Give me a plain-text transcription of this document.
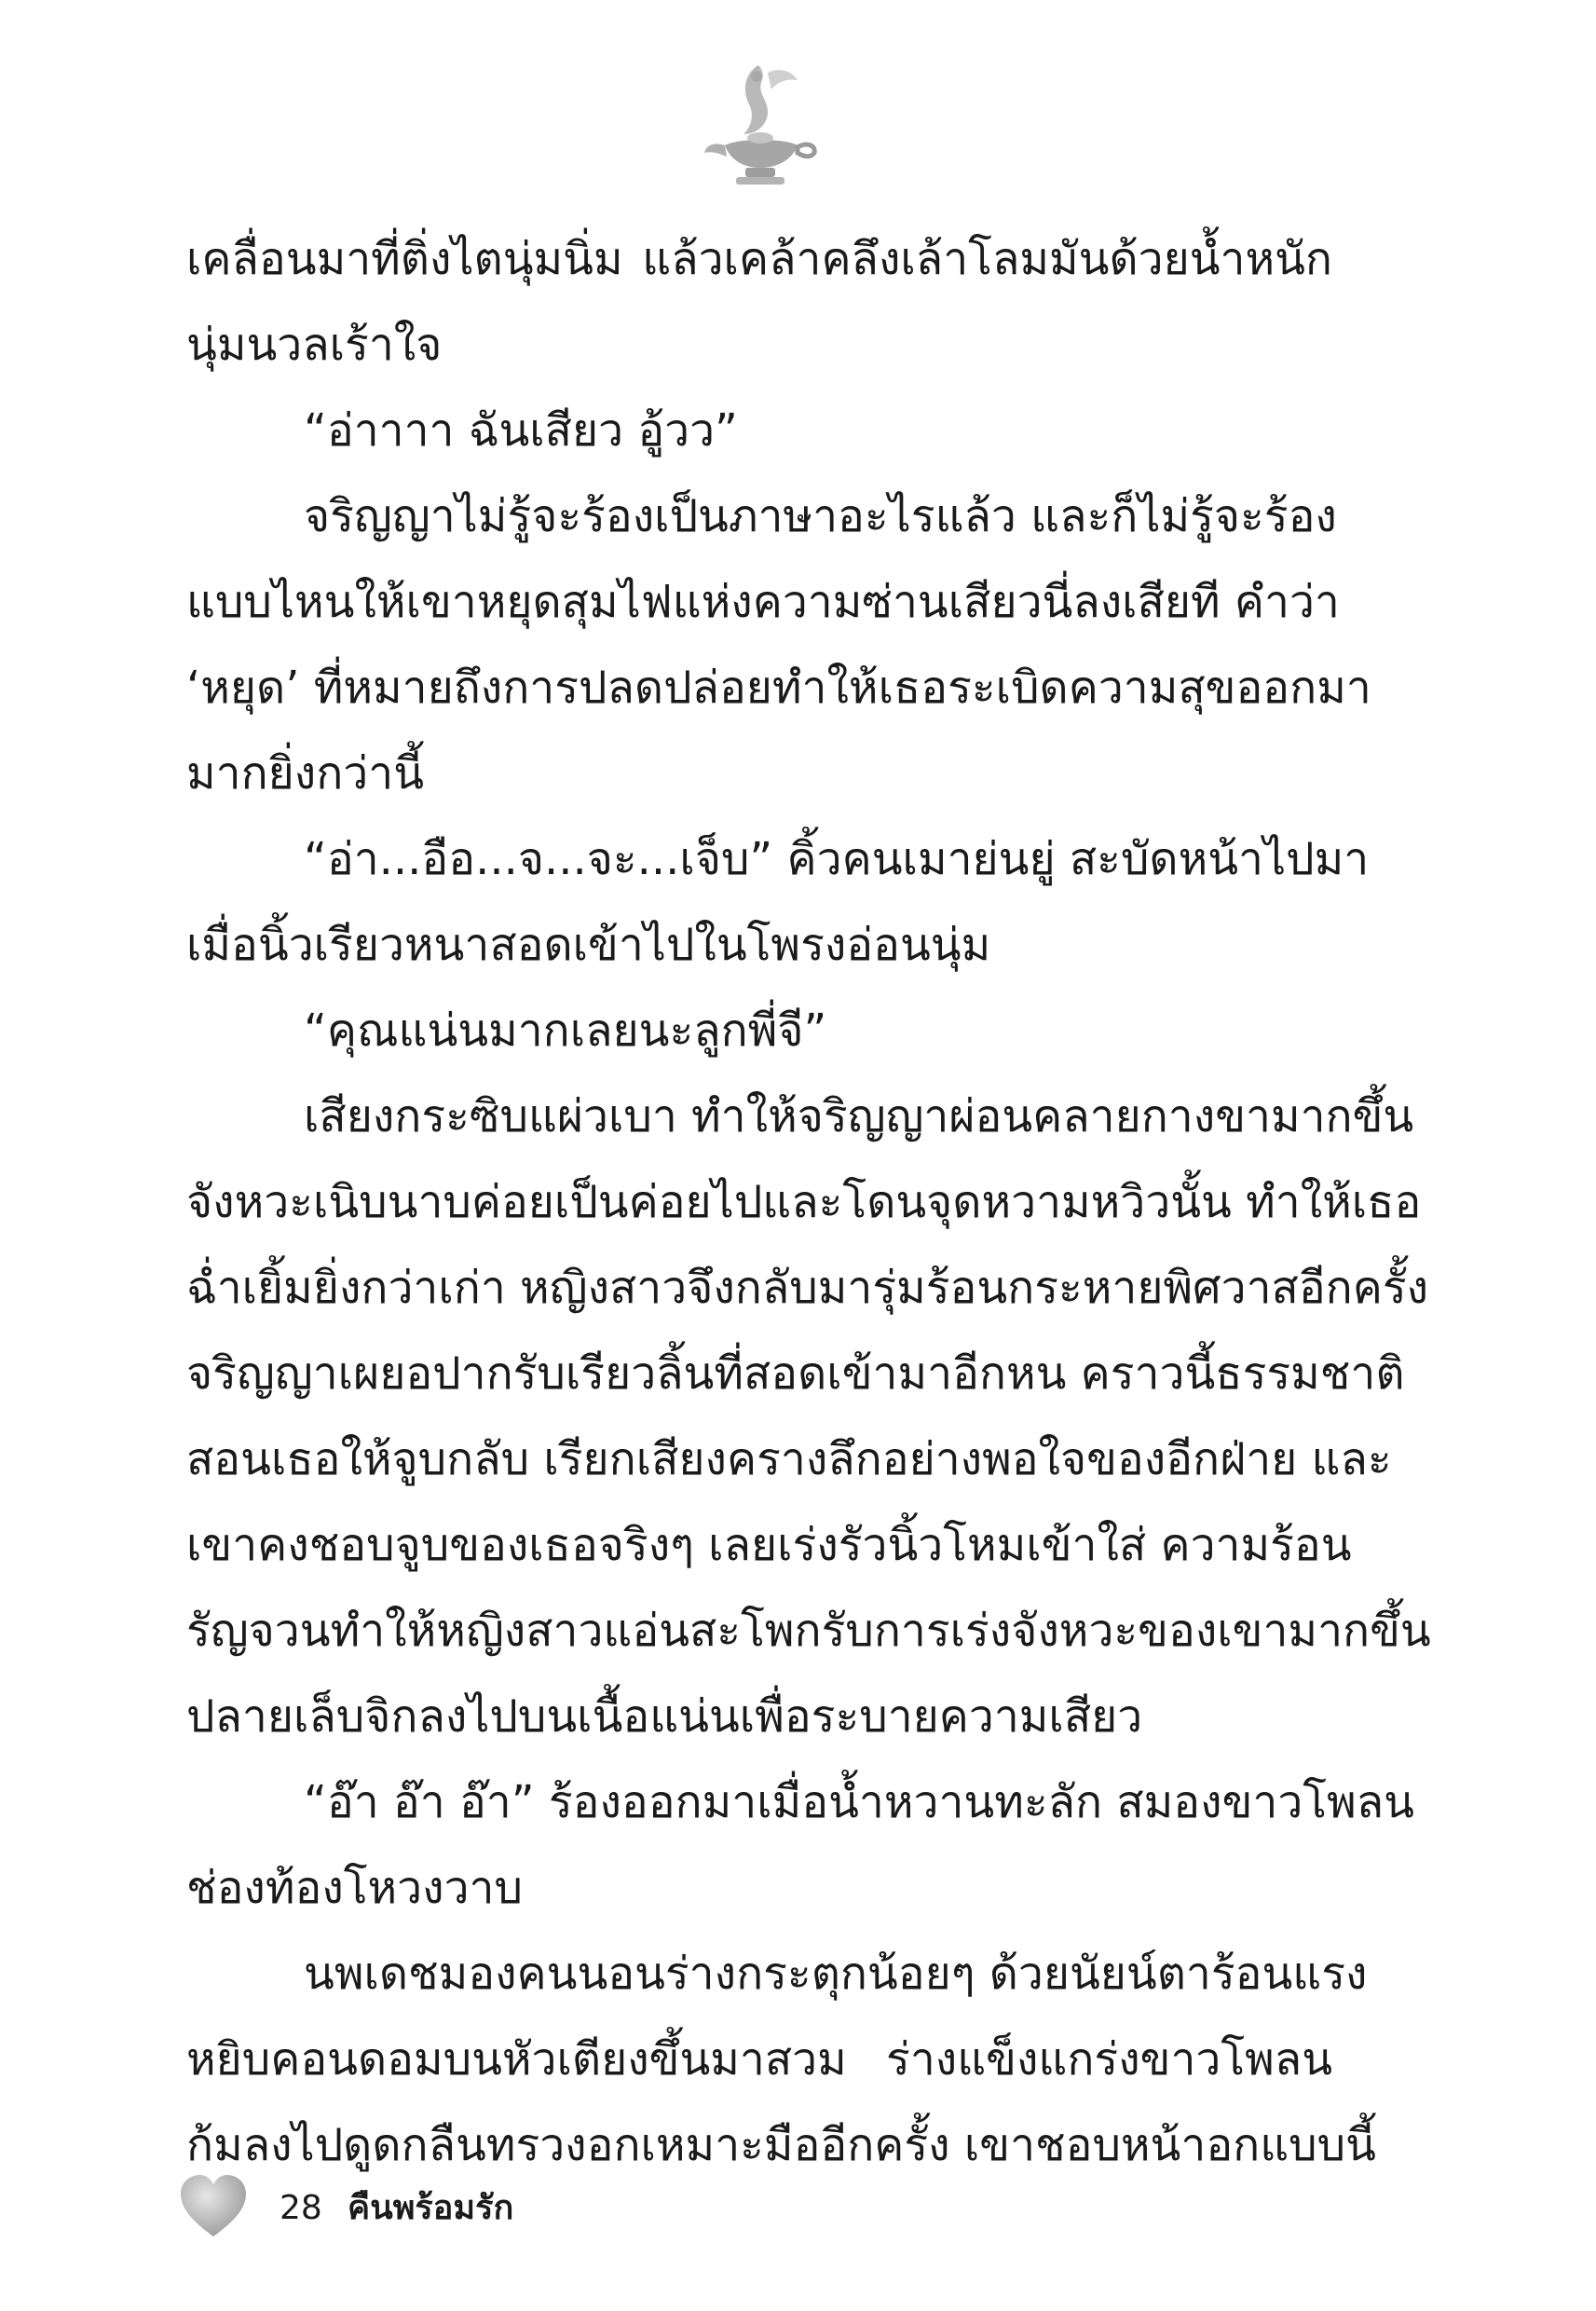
เคลื่อนมาที่ติ่งไตนุ่มนิ่ม แล้วเคล้าคลึงเล้าโลมมันด้วยน้ำหนัก
นุ่มนวลเร้าใจ
“อ่าาาา ฉันเสียว อู้วว”
จริญญาไม่รู้จะร้องเป็นภาษาอะไรแล้ว และก็ไม่รู้จะร้อง
แบบไหนให้เขาหยุดสุมไฟแห่งความซ่านเสียวนี่ลงเสียที คำว่า
‘หยุด’ ที่หมายถึงการปลดปล่อยทำให้เธอระเบิดความสุขออกมา
มากยิ่งกว่านี้
“อ่า...อือ...จ...จะ...เจ็บ” คิ้วคนเมาย่นยู่ สะบัดหน้าไปมา
เมื่อนิ้วเรียวหนาสอดเข้าไปในโพรงอ่อนนุ่ม
“คุณแน่นมากเลยนะลูกพี่จี”
เสียงกระซิบแผ่วเบา ทำให้จริญญาผ่อนคลายกางขามากขึ้น
จังหวะเนิบนาบค่อยเป็นค่อยไปและโดนจุดหวามหวิวนั้น ทำให้เธอ
ฉ่ำเยิ้มยิ่งกว่าเก่า หญิงสาวจึงกลับมารุ่มร้อนกระหายพิศวาสอีกครั้ง
จริญญาเผยอปากรับเรียวลิ้นที่สอดเข้ามาอีกหน คราวนี้ธรรมชาติ
สอนเธอให้จูบกลับ เรียกเสียงครางลึกอย่างพอใจของอีกฝ่าย และ
เขาคงชอบจูบของเธอจริงๆ เลยเร่งรัวนิ้วโหมเข้าใส่ ความร้อน
รัญจวนทำให้หญิงสาวแอ่นสะโพกรับการเร่งจังหวะของเขามากขึ้น
ปลายเล็บจิกลงไปบนเนื้อแน่นเพื่อระบายความเสียว
“อ๊า อ๊า อ๊า” ร้องออกมาเมื่อน้ำหวานทะลัก สมองขาวโพลน
ช่องท้องโหวงวาบ
นพเดชมองคนนอนร่างกระตุกน้อยๆ ด้วยนัยน์ตาร้อนแรง
หยิบคอนดอมบนหัวเตียงขึ้นมาสวม ร่างแข็งแกร่งขาวโพลน
ก้มลงไปดูดกลืนทรวงอกเหมาะมืออีกครั้ง เขาชอบหน้าอกแบบนี้
28 คืนพร้อมรัก
